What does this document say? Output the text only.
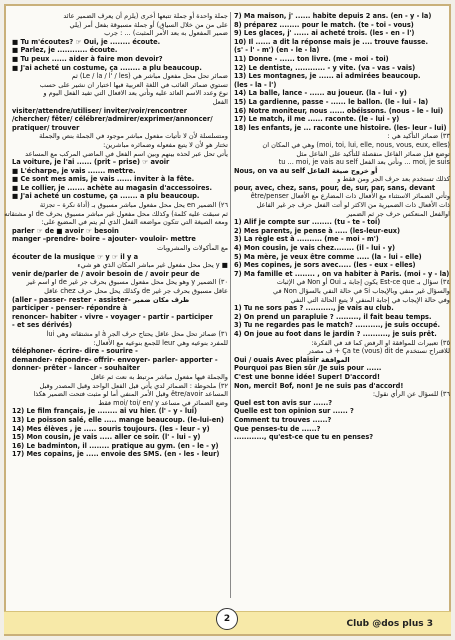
جملة واحدة أو جملة تتبعها أخرى (يلزم أن يعرف الضمير عائد
على من من خلال السياق) أو جملة مسبوقة بفعل أمر (يلي
ضمير المفعول به بعد الأمر المثبت) ... : جرب
■ Tu m'écoutes? ☞ Oui, je ........ écoute.
■ Parlez, je ............ écoute.
■ Tu peux ...... aider à faire mon devoir?
■ J'ai acheté un costume, ça ........ a plu beaucoup.
ضمائر تحل محل مفعول مباشر هي (Le / la / l' / les) ثم
تستوي ضمائر الغائب في اللغة العربية فيها اختيار ان نشير على حسب
نوع وعدد الاسم العائد عليه وتأتي بعد الافعال التي تفيد الفعل اليوم و
الفعل
visiter/attendre/utiliser/ inviter/voir/rencontrer
/chercher/ fêter/ célébrer/admirer/exprimer/annoncer/
pratiquer/ trouver
ومتسلسلة لأن لا تأتيات مفعول مباشر موجود في الجملة بنص والجملة
تختار هو لأن لا يتبع مفعوله وضمائره مباشرين:
يأتي تحل عبر لحذه بينهم وبين اسم الفعل في الماضي المركب مع المساعد
La voiture, je l'ai ...... (prit – prise) ☞ avoir
■ L'écharpe, je vais ....... mettre.
■ Ce sont mes amis, je vais ...... inviter à la fête.
■ Le collier, je ....... achète au magasin d'accessoires.
■ J'ai acheté un costume, ça ....... a plu beaucoup.
٢٦) الضمير en يحل محل مفعول مباشر مسبوق بـ (أداة نكرة – تجزئة
ثم سبقت عليه كلمة) وكذلك محل مفعول غير مباشر مسبوق بحرف de او مشتقاته
ومعه الصيغة التي تتكون مواضعه الفعل الذي لم يتم في المضيع على:
parler ☞ de ■ avoir ☞ besoin
manger –prendre- boire – ajouter- vouloir- mettre
مع المأكولات والمشروبات
écouter de la musique ☞ y ☞ il y a
■ y يحل محل مفعول غير مباشر المكان الذي هو شيء
venir de/parler de / avoir besoin de / avoir peur de
٣٠) الضمير y وهو يحل محل مفعول مسبوق بحرف جر غير de او اسم غير
عاقل مسبوق بحرف جر غير de وكذلك يحل محل حرف chez عاقل
(aller - passer- rester - assister- ظرف مكان ضمير
participer - penser- répondre à
renoncer- habiter - vivre - voyager - partir - participer
- et ses dérivés)
٣١) ضمائر تحل محل عاقل يحتاج حرف الجر à او مشتقاته وهي lui
للمفرد بنوعيه وهي leur للجمع بنوعيه مع الأفعال:
téléphoner- écrire- dire - sourire -
demander- répondre- offrir- envoyer- parler- apporter -
donner- prêter - lancer - souhaiter
والجملة فيها مفعول مباشر مرتبط به نعت ثم عاقل
٣٢) ملحوظة : الضمائر لدي يأتي قبل الفعل الواحد وقبل المصدر وقبل
المساعد être/avoir وقبل الأمر المنفي أما لو مثبت فتحت الضمير هكذا
وضع الضمائر في مساعد moi/ toi/ en/ y فقط
12) Le film français, je ........ ai vu hier. (l' - y - lui)
13) Le poisson salé, elle ..... mange beaucoup. (le-lui-en)
14) Mes élèves , je ..... souris toujours. (les - leur - y)
15) Mon cousin, je vais ..... aller ce soir. (l' - lui - y)
16) Le badminton, il ........ pratique au gym. (en - le - y)
17) Mes copains, je ..... envoie des SMS. (en - les - leur)
7) Ma maison, j' ...... habite depuis 2 ans. (en - y - la)
8) préparez ........ pour le match. (te - toi - vous)
9) Les glaces, j' ...... ai acheté trois. (les - en - l')
10) Il ...... a dit la réponse mais je .... trouve fausse.
(s' - l' - m') (en - le - la)
11) Donne - ...... ton livre. (me - moi - toi)
12) Le dentiste, ............ - y vite. (va - vas - vais)
13) Les montagnes, je ...... ai admirées beaucoup.
(les - la - l')
14) La balle, lance - ...... au joueur. (la - lui - y)
15) La gardienne, passe - ...... le ballon. (le - lui - la)
16) Notre moniteur, nous ...... obéissons. (nous - le - lui)
17) Le match, il me ...... raconte. (le - lui - y)
18) les enfants, je ... raconte une histoire. (les- leur - lui)
٣٣) ضمائر التأكيد هي :
(moi, toi, lui, elle, nous, vous, eux, elles) وهي في المكان ان
توضع قبل ضمائر الفاعل منفصلة للتأكيد على الفاعل مثل
moi, je suis ... ونأتي بعد الفعل tu ... moi, je vais au self
Nous, on va au self أو خروج صيغة الفاعل
كذلك تستخدم بعد حرف الجر ومن فقط و
pour, avec, chez, sans, pour, de, sur, par, sans, devant
وتأتي الضمائر الاستثناء مع الأفعال ذات المضارع مع الأفعال être/penser
ذات الأفعال ذات الضميرية من الاكثر لو أتت الفعل حرف جر غير الفاعل
اوالفعل المنعكس حرف جر ثم الضمير
1) Alif je compte sur ........ (tu - te - toi)
2) Mes parents, je pense à ..... (les-leur-eux)
3) La règle est à .......... (me - moi - m')
4) Mon cousin, je vais chez........ (il - lui - y)
5) Ma mère, je veux être comme ..... (la - lui - elle)
6) Mes copines, je sors avec..... (les - eux - elles)
7) Ma famille et ........ , on va habiter à Paris. (moi - y - la)
٣٤) سؤال بـ Est-ce que يكون إجابة بـ Oui أو Non في الإثبات
والسؤال غير منفي وبالإيجاب Si في حالة النفي بالسؤال Non في
وفي حالة الإيجاب في إجابة المنفي لا يتبع الحالة التي النفي
1) Tu ne sors pas ? ..........., je vais au club.
2) On prend un parapluie ? ........., il fait beau temps.
3) Tu ne regardes pas le match? .........., je suis occupé.
4) On joue au foot dans le jardin ? .........., je suis prêt.
٣٥) تعبيرات للموافقة او الرفض كما قد في الفكرة:
للاقتراح نستخدم Ça te (vous) dit de + ف مصدر
Oui / ouais Avec plaisir الموافقة
Pourquoi pas Bien sûr /Je suis pour ......
C'est une bonne idée! Super! D'accord!
Non, merci! Bof, non! Je ne suis pas d'accord!
٣٦) للسؤال عن الرأي نقول:
Quel est ton avis sur ......?
Quelle est ton opinion sur ...... ?
Comment tu trouves ......?
Que penses-tu de ......?
............, qu'est-ce que tu en penses?
2	Club @dos plus 3
